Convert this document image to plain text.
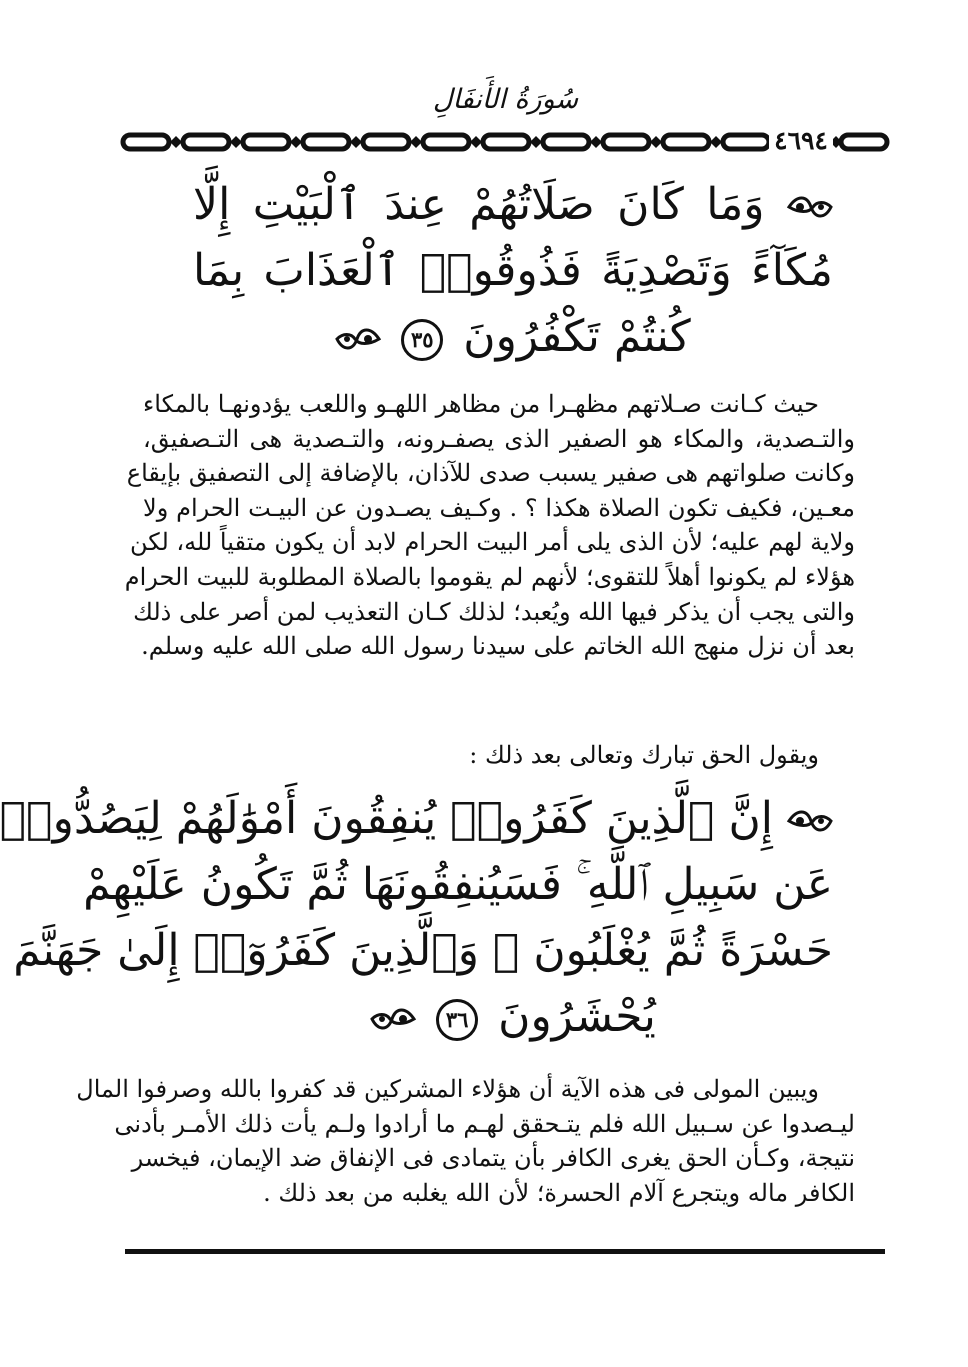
سُورَةُ الأَنفَالِ
٤٦٩٤
وَمَا كَانَ صَلَاتُهُمْ عِندَ ٱلْبَيْتِ إِلَّا
مُكَآءً وَتَصْدِيَةً فَذُوقُوا۟ ٱلْعَذَابَ بِمَا
كُنتُمْ تَكْفُرُونَ ٣٥
حيث كـانت صـلاتهم مظهـرا من مظاهر اللهـو واللعب يؤدونهـا بالمكاء
والتـصدية، والمكاء هو الصفير الذى يصفـرونه، والتـصدية هى التـصفيق،
وكانت صلواتهم هى صفير يسبب صدى للآذان، بالإضافة إلى التصفيق بإيقاع
معـين، فكيف تكون الصلاة هكذا ؟ . وكـيف يصـدون عن البيـت الحرام ولا
ولاية لهم عليه؛ لأن الذى يلى أمر البيت الحرام لابد أن يكون متقياً لله، لكن
هؤلاء لم يكونوا أهلاً للتقوى؛ لأنهم لم يقوموا بالصلاة المطلوبة للبيت الحرام
والتى يجب أن يذكر فيها الله ويُعبد؛ لذلك كـان التعذيب لمن أصر على ذلك
بعد أن نزل منهج الله الخاتم على سيدنا رسول الله صلى الله عليه وسلم.
ويقول الحق تبارك وتعالى بعد ذلك :
إِنَّ ٱلَّذِينَ كَفَرُوا۟ يُنفِقُونَ أَمْوَٰلَهُمْ لِيَصُدُّوا۟
عَن سَبِيلِ ٱللَّهِ ۚ فَسَيُنفِقُونَهَا ثُمَّ تَكُونُ عَلَيْهِمْ
حَسْرَةً ثُمَّ يُغْلَبُونَ ۗ وَٱلَّذِينَ كَفَرُوٓا۟ إِلَىٰ جَهَنَّمَ
يُحْشَرُونَ ٣٦
ويبين المولى فى هذه الآية أن هؤلاء المشركين قد كفروا بالله وصرفوا المال
ليـصدوا عن سـبيل الله فلم يتـحقق لهـم ما أرادوا ولـم يأت ذلك الأمـر بأدنى
نتيجة، وكـأن الحق يغرى الكافر بأن يتمادى فى الإنفاق ضد الإيمان، فيخسر
الكافر ماله ويتجرع آلام الحسرة؛ لأن الله يغلبه من بعد ذلك .
